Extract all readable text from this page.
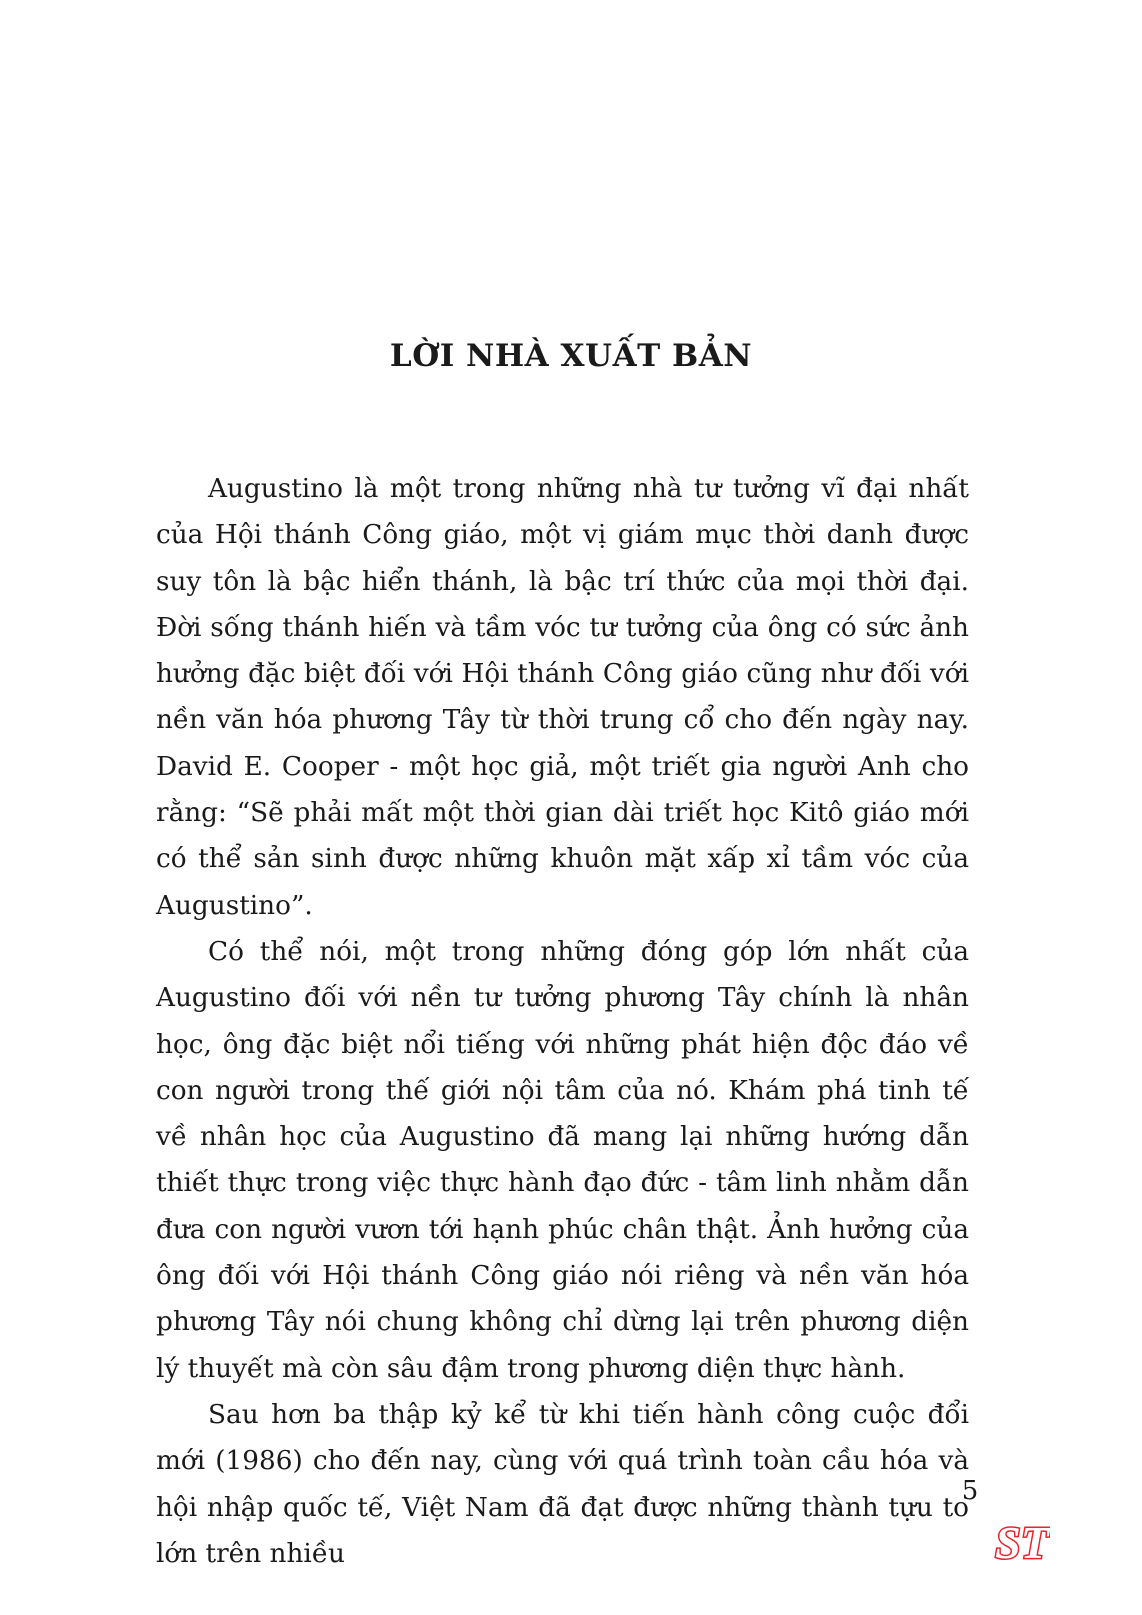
LỜI NHÀ XUẤT BẢN

Augustino là một trong những nhà tư tưởng vĩ đại nhất của Hội thánh Công giáo, một vị giám mục thời danh được suy tôn là bậc hiển thánh, là bậc trí thức của mọi thời đại. Đời sống thánh hiến và tầm vóc tư tưởng của ông có sức ảnh hưởng đặc biệt đối với Hội thánh Công giáo cũng như đối với nền văn hóa phương Tây từ thời trung cổ cho đến ngày nay. David E. Cooper - một học giả, một triết gia người Anh cho rằng: “Sẽ phải mất một thời gian dài triết học Kitô giáo mới có thể sản sinh được những khuôn mặt xấp xỉ tầm vóc của Augustino”.

Có thể nói, một trong những đóng góp lớn nhất của Augustino đối với nền tư tưởng phương Tây chính là nhân học, ông đặc biệt nổi tiếng với những phát hiện độc đáo về con người trong thế giới nội tâm của nó. Khám phá tinh tế về nhân học của Augustino đã mang lại những hướng dẫn thiết thực trong việc thực hành đạo đức - tâm linh nhằm dẫn đưa con người vươn tới hạnh phúc chân thật. Ảnh hưởng của ông đối với Hội thánh Công giáo nói riêng và nền văn hóa phương Tây nói chung không chỉ dừng lại trên phương diện lý thuyết mà còn sâu đậm trong phương diện thực hành.

Sau hơn ba thập kỷ kể từ khi tiến hành công cuộc đổi mới (1986) cho đến nay, cùng với quá trình toàn cầu hóa và hội nhập quốc tế, Việt Nam đã đạt được những thành tựu to lớn trên nhiều

5
ST
